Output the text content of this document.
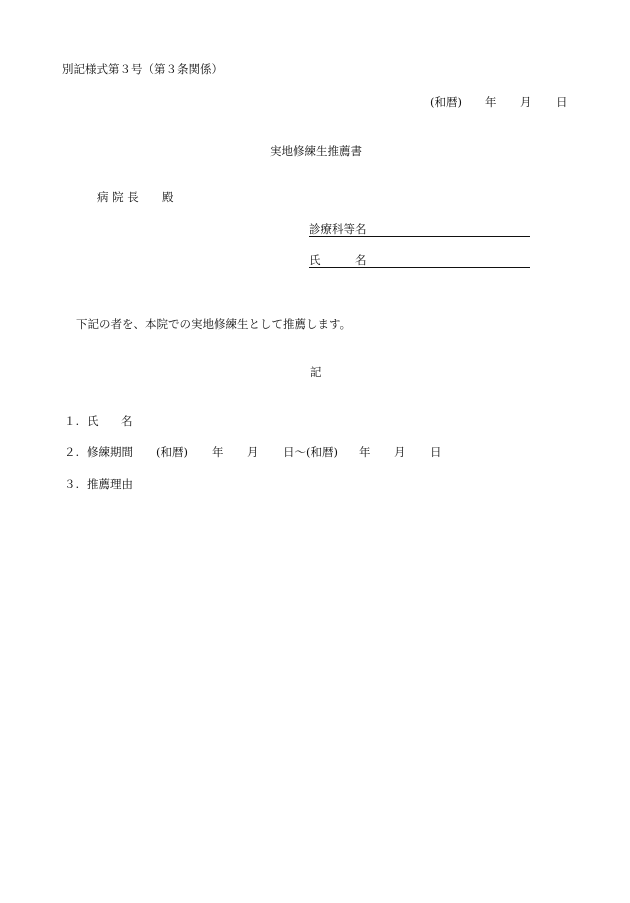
別記様式第３号（第３条関係）
(和暦) 年 月 日
実地修練生推薦書
病 院 長 殿
診療科等名
氏	名
下記の者を、本院での実地修練生として推薦します。
記
１. 氏 名
２. 修練期間 (和暦) 年 月 日〜(和暦) 年 月 日
３. 推薦理由
